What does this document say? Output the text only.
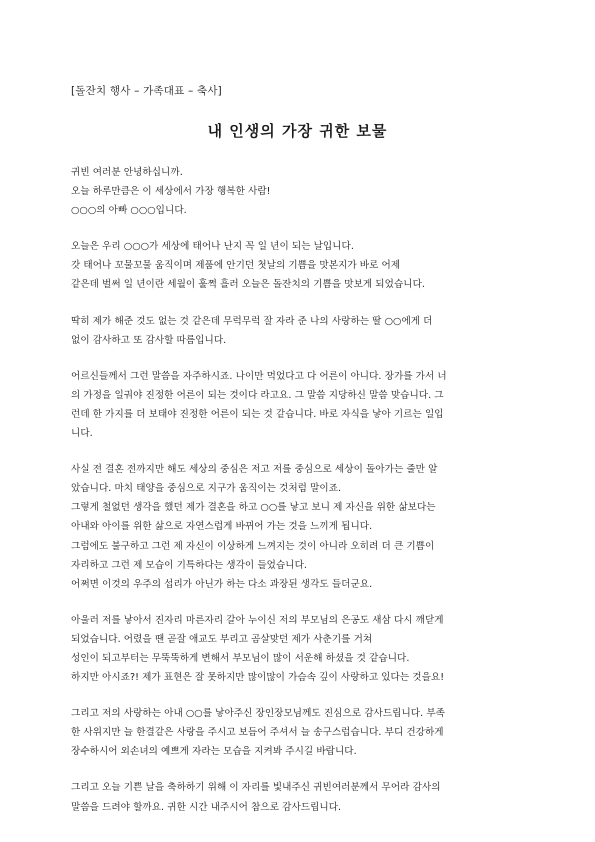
[돌잔치 행사 – 가족대표 – 축사]
내 인생의 가장 귀한 보물
귀빈 여러분 안녕하십니까.
오늘 하루만큼은 이 세상에서 가장 행복한 사람!
○○○의 아빠 ○○○입니다.
오늘은 우리 ○○○가 세상에 태어나 난지 꼭 일 년이 되는 날입니다.
갓 태어나 꼬물꼬물 움직이며 제품에 안기던 첫날의 기쁨을 맛본지가 바로 어제
같은데 벌써 일 년이란 세월이 훌쩍 흘러 오늘은 돌잔치의 기쁨을 맛보게 되었습니다.
딱히 제가 해준 것도 없는 것 같은데 무럭무럭 잘 자라 준 나의 사랑하는 딸 ○○에게 더
없이 감사하고 또 감사할 따름입니다.
어르신들께서 그런 말씀을 자주하시죠. 나이만 먹었다고 다 어른이 아니다. 장가를 가서 너
의 가정을 일궈야 진정한 어른이 되는 것이다 라고요. 그 말씀 지당하신 말씀 맞습니다. 그
런데 한 가지를 더 보태야 진정한 어른이 되는 것 같습니다. 바로 자식을 낳아 기르는 일입
니다.
사실 전 결혼 전까지만 해도 세상의 중심은 저고 저를 중심으로 세상이 돌아가는 줄만 알
았습니다. 마치 태양을 중심으로 지구가 움직이는 것처럼 말이죠.
그렇게 철없던 생각을 했던 제가 결혼을 하고 ○○를 낳고 보니 제 자신을 위한 삶보다는
아내와 아이를 위한 삶으로 자연스럽게 바뀌어 가는 것을 느끼게 됩니다.
그럼에도 불구하고 그런 제 자신이 이상하게 느껴지는 것이 아니라 오히려 더 큰 기쁨이
자리하고 그런 제 모습이 기특하다는 생각이 들었습니다.
어쩌면 이것의 우주의 섭리가 아닌가 하는 다소 과장된 생각도 들더군요.
아울러 저를 낳아서 진자리 마른자리 갈아 누이신 저의 부모님의 은공도 새삼 다시 깨닫게
되었습니다. 어렸을 땐 곧잘 애교도 부리고 곰살맞던 제가 사춘기를 거쳐
성인이 되고부터는 무뚝뚝하게 변해서 부모님이 많이 서운해 하셨을 것 같습니다.
하지만 아시죠?! 제가 표현은 잘 못하지만 많이많이 가슴속 깊이 사랑하고 있다는 것을요!
그리고 저의 사랑하는 아내 ○○를 낳아주신 장인장모님께도 진심으로 감사드립니다. 부족
한 사위지만 늘 한결같은 사랑을 주시고 보듬어 주셔서 늘 송구스럽습니다. 부디 건강하게
장수하시어 외손녀의 예쁘게 자라는 모습을 지켜봐 주시길 바랍니다.
그리고 오늘 기쁜 날을 축하하기 위해 이 자리를 빛내주신 귀빈여러분께서 무어라 감사의
말씀을 드려야 할까요. 귀한 시간 내주시어 참으로 감사드립니다.
